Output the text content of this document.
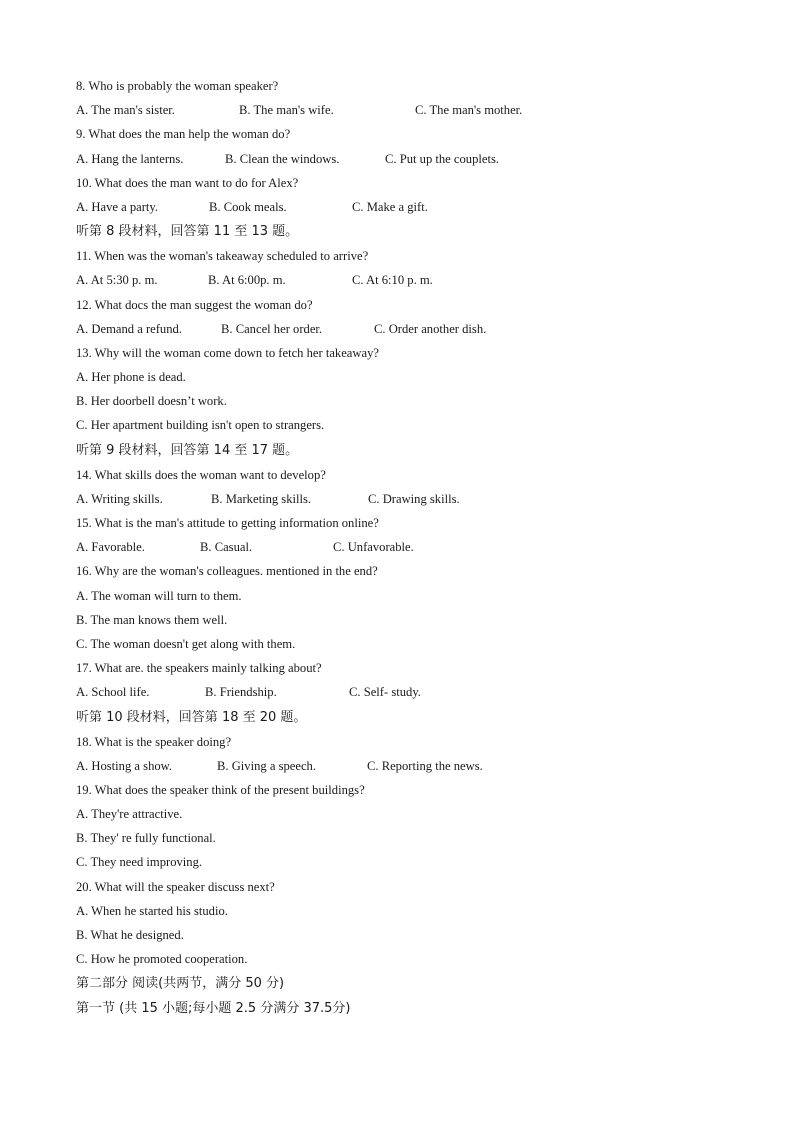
8. Who is probably the woman speaker?
A. The man's sister.	B. The man's wife.	C. The man's mother.
9. What does the man help the woman do?
A. Hang the lanterns.	B. Clean the windows.	C. Put up the couplets.
10. What does the man want to do for Alex?
A. Have a party.	B. Cook meals.	C. Make a gift.
听第 8 段材料，回答第 11 至 13 题。
11. When was the woman's takeaway scheduled to arrive?
A. At 5:30 p. m.	B. At 6:00p. m.	C. At 6:10 p. m.
12. What docs the man suggest the woman do?
A. Demand a refund.	B. Cancel her order.	C. Order another dish.
13. Why will the woman come down to fetch her takeaway?
A. Her phone is dead.
B. Her doorbell doesn’t work.
C. Her apartment building isn't open to strangers.
听第 9 段材料，回答第 14 至 17 题。
14. What skills does the woman want to develop?
A. Writing skills.	B. Marketing skills.	C. Drawing skills.
15. What is the man's attitude to getting information online?
A. Favorable.	B. Casual.	C. Unfavorable.
16. Why are the woman's colleagues. mentioned in the end?
A. The woman will turn to them.
B. The man knows them well.
C. The woman doesn't get along with them.
17. What are. the speakers mainly talking about?
A. School life.	B. Friendship.	C. Self- study.
听第 10 段材料，回答第 18 至 20 题。
18. What is the speaker doing?
A. Hosting a show.	B. Giving a speech.	C. Reporting the news.
19. What does the speaker think of the present buildings?
A. They're attractive.
B. They' re fully functional.
C. They need improving.
20. What will the speaker discuss next?
A. When he started his studio.
B. What he designed.
C. How he promoted cooperation.
第二部分 阅读(共两节，满分 50 分)
第一节 (共 15 小题;每小题 2.5 分满分 37.5分)
